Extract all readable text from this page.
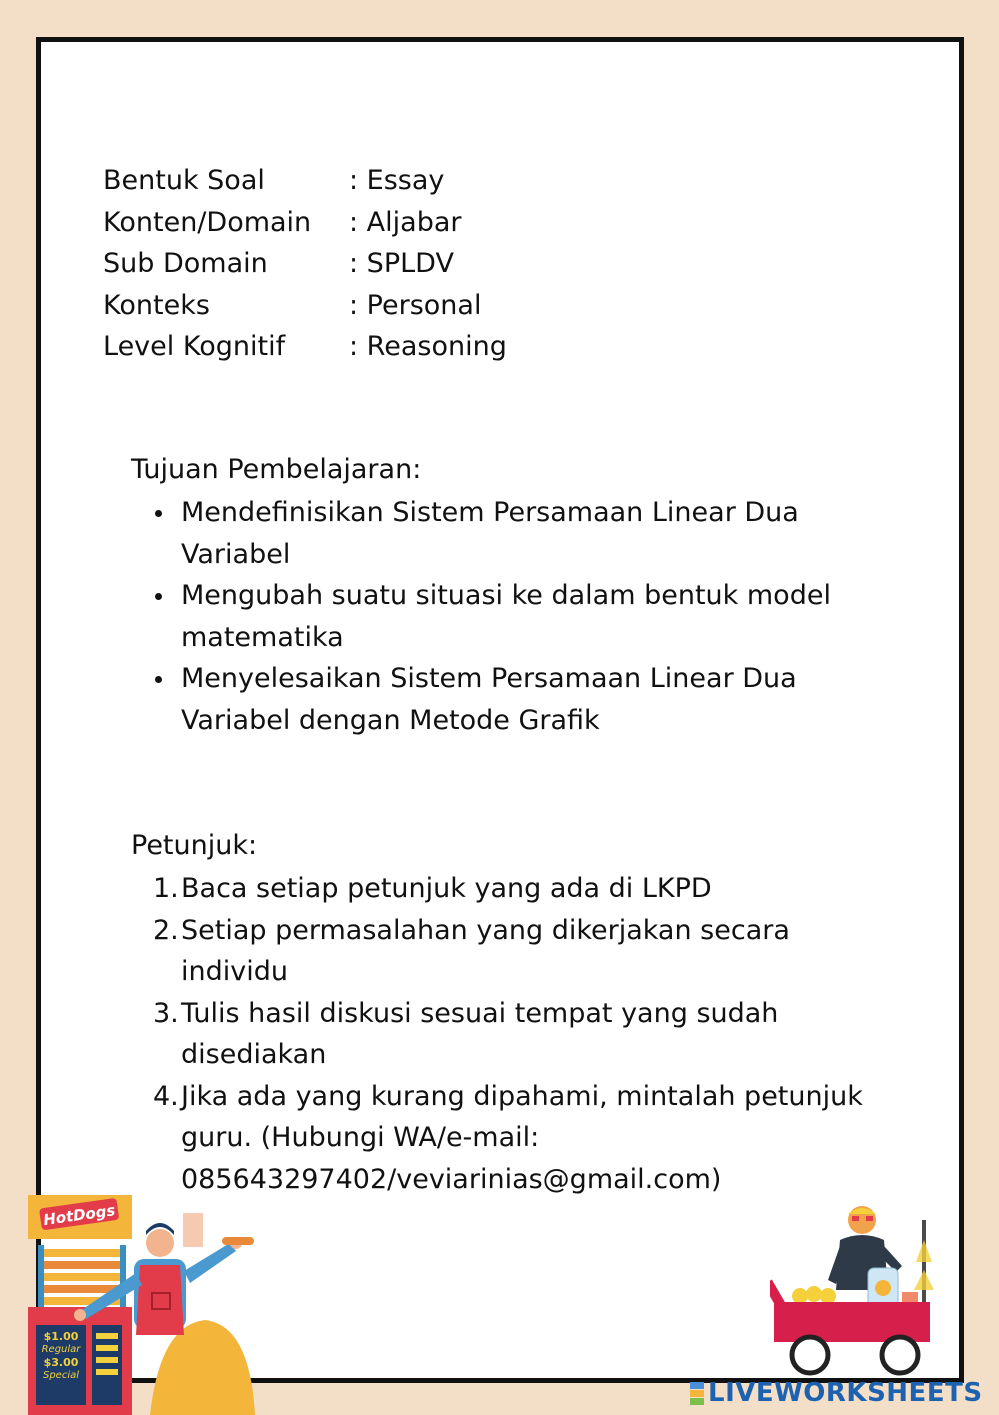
Bentuk Soal	: Essay
Konten/Domain	: Aljabar
Sub Domain	: SPLDV
Konteks	: Personal
Level Kognitif	: Reasoning
Tujuan Pembelajaran:
Mendefinisikan Sistem Persamaan Linear Dua Variabel
Mengubah suatu situasi ke dalam bentuk model matematika
Menyelesaikan Sistem Persamaan Linear Dua Variabel dengan Metode Grafik
Petunjuk:
1. Baca setiap petunjuk yang ada di LKPD
2. Setiap permasalahan yang dikerjakan secara individu
3. Tulis hasil diskusi sesuai tempat yang sudah disediakan
4. Jika ada yang kurang dipahami, mintalah petunjuk guru. (Hubungi WA/e-mail: 085643297402/veviarinias@gmail.com)
HotDogs
$1.00
Regular
$3.00
Special
LIVEWORKSHEETS
